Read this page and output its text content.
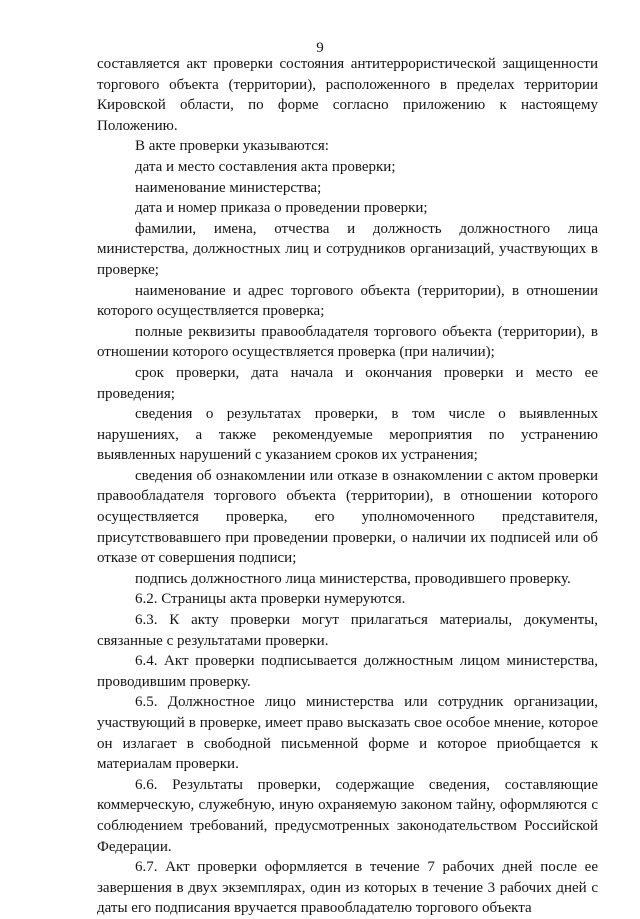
9

составляется акт проверки состояния антитеррористической защищенности торгового объекта (территории), расположенного в пределах территории Кировской области, по форме согласно приложению к настоящему Положению.

В акте проверки указываются:

дата и место составления акта проверки;

наименование министерства;

дата и номер приказа о проведении проверки;

фамилии, имена, отчества и должность должностного лица министерства, должностных лиц и сотрудников организаций, участвующих в проверке;

наименование и адрес торгового объекта (территории), в отношении которого осуществляется проверка;

полные реквизиты правообладателя торгового объекта (территории), в отношении которого осуществляется проверка (при наличии);

срок проверки, дата начала и окончания проверки и место ее проведения;

сведения о результатах проверки, в том числе о выявленных нарушениях, а также рекомендуемые мероприятия по устранению выявленных нарушений с указанием сроков их устранения;

сведения об ознакомлении или отказе в ознакомлении с актом проверки правообладателя торгового объекта (территории), в отношении которого осуществляется проверка, его уполномоченного представителя, присутствовавшего при проведении проверки, о наличии их подписей или об отказе от совершения подписи;

подпись должностного лица министерства, проводившего проверку.

6.2. Страницы акта проверки нумеруются.

6.3. К акту проверки могут прилагаться материалы, документы, связанные с результатами проверки.

6.4. Акт проверки подписывается должностным лицом министерства, проводившим проверку.

6.5. Должностное лицо министерства или сотрудник организации, участвующий в проверке, имеет право высказать свое особое мнение, которое он излагает в свободной письменной форме и которое приобщается к материалам проверки.

6.6. Результаты проверки, содержащие сведения, составляющие коммерческую, служебную, иную охраняемую законом тайну, оформляются с соблюдением требований, предусмотренных законодательством Российской Федерации.

6.7. Акт проверки оформляется в течение 7 рабочих дней после ее завершения в двух экземплярах, один из которых в течение 3 рабочих дней с даты его подписания вручается правообладателю торгового объекта
